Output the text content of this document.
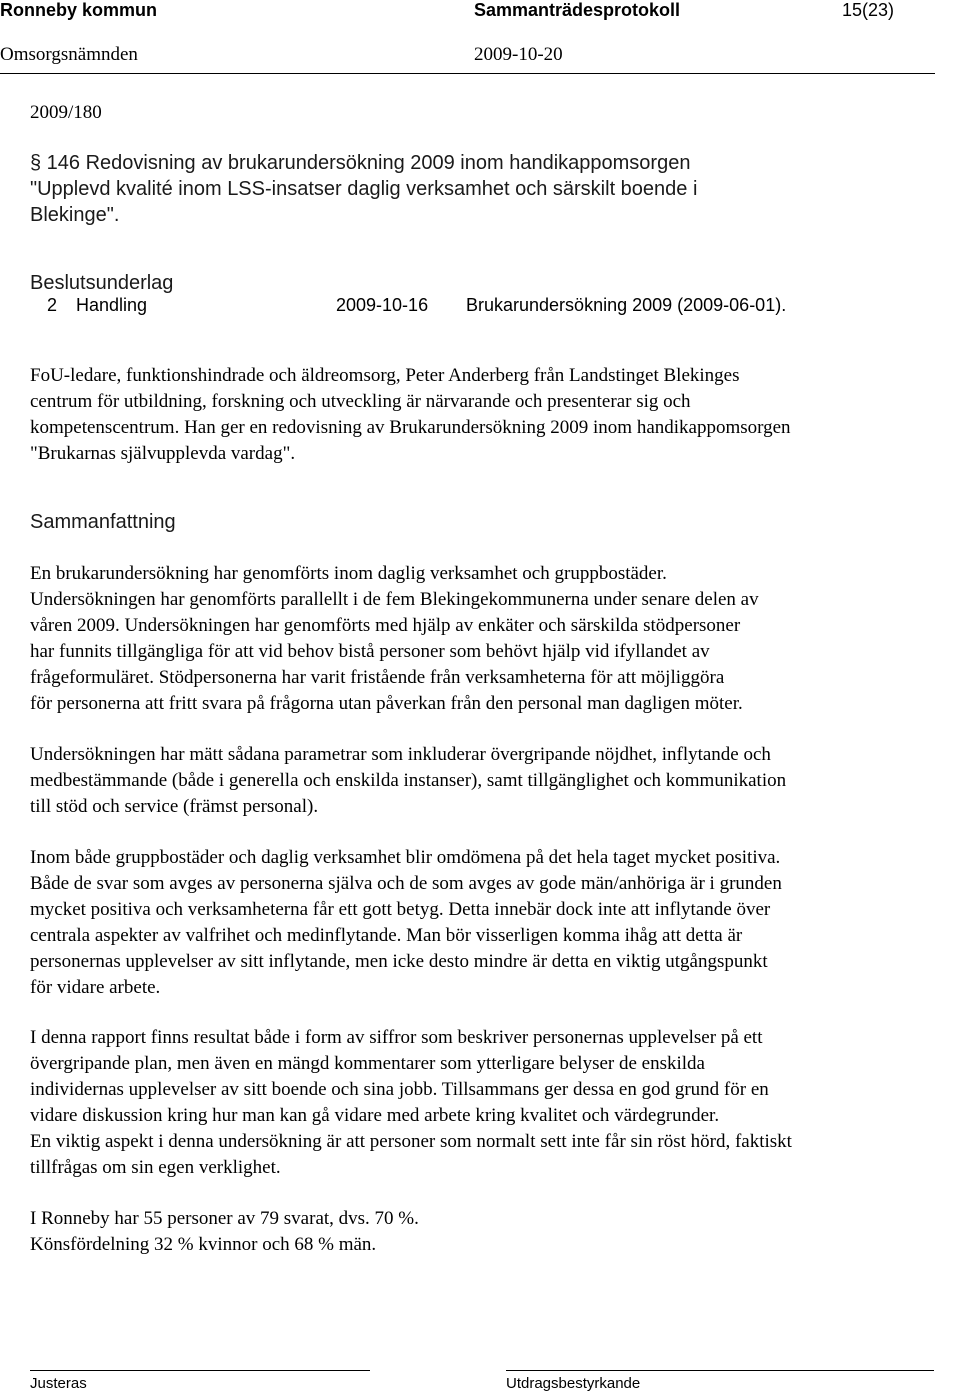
Ronneby kommun	Sammanträdesprotokoll	15(23)
Omsorgsnämnden	2009-10-20
2009/180
§ 146 Redovisning av brukarundersökning 2009 inom handikappomsorgen
"Upplevd kvalité inom LSS-insatser daglig verksamhet och särskilt boende i
Blekinge".
Beslutsunderlag
2 Handling	2009-10-16 Brukarundersökning 2009 (2009-06-01).
FoU-ledare, funktionshindrade och äldreomsorg, Peter Anderberg från Landstinget Blekinges
centrum för utbildning, forskning och utveckling är närvarande och presenterar sig och
kompetenscentrum. Han ger en redovisning av Brukarundersökning 2009 inom handikappomsorgen
"Brukarnas självupplevda vardag".
Sammanfattning
En brukarundersökning har genomförts inom daglig verksamhet och gruppbostäder.
Undersökningen har genomförts parallellt i de fem Blekingekommunerna under senare delen av
våren 2009. Undersökningen har genomförts med hjälp av enkäter och särskilda stödpersoner
har funnits tillgängliga för att vid behov bistå personer som behövt hjälp vid ifyllandet av
frågeformuläret. Stödpersonerna har varit fristående från verksamheterna för att möjliggöra
för personerna att fritt svara på frågorna utan påverkan från den personal man dagligen möter.
Undersökningen har mätt sådana parametrar som inkluderar övergripande nöjdhet, inflytande och
medbestämmande (både i generella och enskilda instanser), samt tillgänglighet och kommunikation
till stöd och service (främst personal).
Inom både gruppbostäder och daglig verksamhet blir omdömena på det hela taget mycket positiva.
Både de svar som avges av personerna själva och de som avges av gode män/anhöriga är i grunden
mycket positiva och verksamheterna får ett gott betyg. Detta innebär dock inte att inflytande över
centrala aspekter av valfrihet och medinflytande. Man bör visserligen komma ihåg att detta är
personernas upplevelser av sitt inflytande, men icke desto mindre är detta en viktig utgångspunkt
för vidare arbete.
I denna rapport finns resultat både i form av siffror som beskriver personernas upplevelser på ett
övergripande plan, men även en mängd kommentarer som ytterligare belyser de enskilda
individernas upplevelser av sitt boende och sina jobb. Tillsammans ger dessa en god grund för en
vidare diskussion kring hur man kan gå vidare med arbete kring kvalitet och värdegrunder.
En viktig aspekt i denna undersökning är att personer som normalt sett inte får sin röst hörd, faktiskt
tillfrågas om sin egen verklighet.
I Ronneby har 55 personer av 79 svarat, dvs. 70 %.
Könsfördelning 32 % kvinnor och 68 % män.
Justeras	Utdragsbestyrkande
